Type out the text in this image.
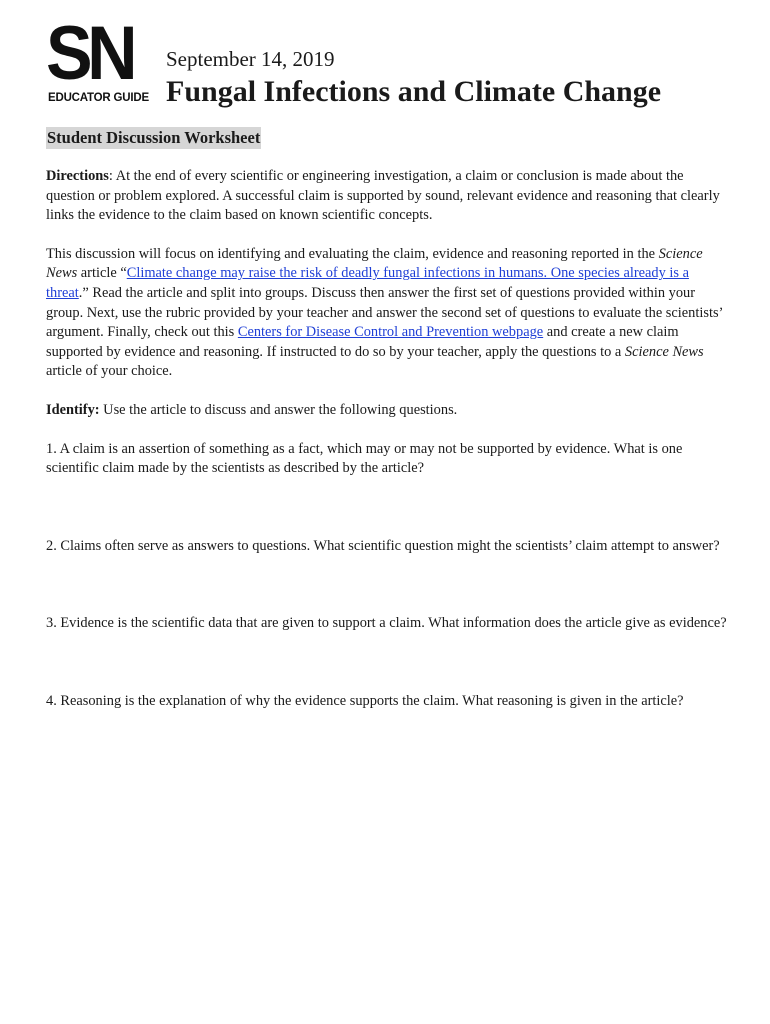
SN
EDUCATOR GUIDE
September 14, 2019
Fungal Infections and Climate Change
Student Discussion Worksheet

Directions: At the end of every scientific or engineering investigation, a claim or conclusion is made about the question or problem explored. A successful claim is supported by sound, relevant evidence and reasoning that clearly links the evidence to the claim based on known scientific concepts.

This discussion will focus on identifying and evaluating the claim, evidence and reasoning reported in the Science News article “Climate change may raise the risk of deadly fungal infections in humans. One species already is a threat.” Read the article and split into groups. Discuss then answer the first set of questions provided within your group. Next, use the rubric provided by your teacher and answer the second set of questions to evaluate the scientists’ argument. Finally, check out this Centers for Disease Control and Prevention webpage and create a new claim supported by evidence and reasoning. If instructed to do so by your teacher, apply the questions to a Science News article of your choice.

Identify: Use the article to discuss and answer the following questions.

1. A claim is an assertion of something as a fact, which may or may not be supported by evidence. What is one scientific claim made by the scientists as described by the article?

2. Claims often serve as answers to questions. What scientific question might the scientists’ claim attempt to answer?

3. Evidence is the scientific data that are given to support a claim. What information does the article give as evidence?

4. Reasoning is the explanation of why the evidence supports the claim. What reasoning is given in the article?
